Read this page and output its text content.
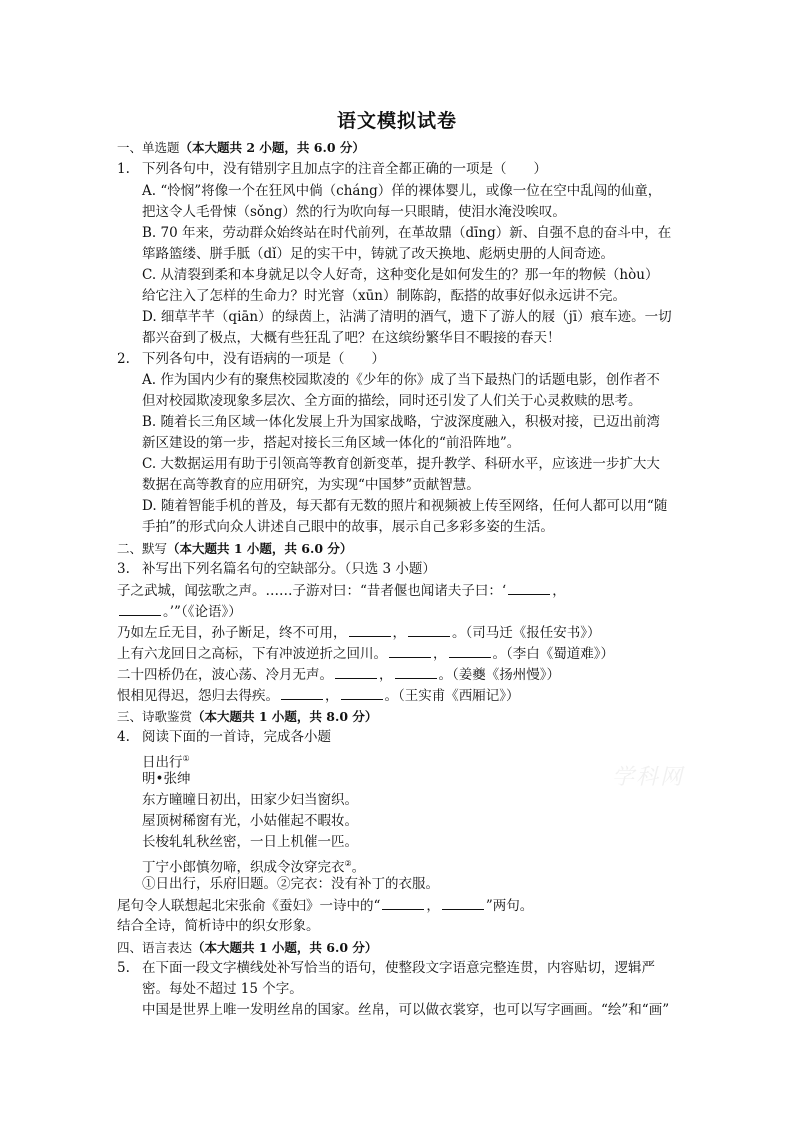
语文模拟试卷
一、单选题（本大题共 2 小题，共 6.0 分）
1. 下列各句中，没有错别字且加点字的注音全都正确的一项是（　　）
A. “怜悯”将像一个在狂风中倘（cháng）佯的裸体婴儿，或像一位在空中乱闯的仙童，
把这令人毛骨悚（sǒng）然的行为吹向每一只眼睛，使泪水淹没唉叹。
B. 70 年来，劳动群众始终站在时代前列，在革故鼎（dīng）新、自强不息的奋斗中，在
筚路篮缕、胼手胝（dǐ）足的实干中，铸就了改天换地、彪炳史册的人间奇迹。
C. 从清裂到柔和本身就足以令人好奇，这种变化是如何发生的？那一年的物候（hòu）
给它注入了怎样的生命力？时光窨（xūn）制陈韵，酝搭的故事好似永远讲不完。
D. 细草芊芊（qiān）的绿茵上，沾满了清明的酒气，遗下了游人的屐（jī）痕车迹。一切
都兴奋到了极点，大概有些狂乱了吧？在这缤纷繁华目不暇接的春天！
2. 下列各句中，没有语病的一项是（　　）
A. 作为国内少有的聚焦校园欺凌的《少年的你》成了当下最热门的话题电影，创作者不
但对校园欺凌现象多层次、全方面的描绘，同时还引发了人们关于心灵救赎的思考。
B. 随着长三角区域一体化发展上升为国家战略，宁波深度融入，积极对接，已迈出前湾
新区建设的第一步，搭起对接长三角区域一体化的“前沿阵地”。
C. 大数据运用有助于引领高等教育创新变革，提升教学、科研水平，应该进一步扩大大
数据在高等教育的应用研究，为实现“中国梦”贡献智慧。
D. 随着智能手机的普及，每天都有无数的照片和视频被上传至网络，任何人都可以用“随
手拍”的形式向众人讲述自己眼中的故事，展示自己多彩多姿的生活。
二、默写（本大题共 1 小题，共 6.0 分）
3. 补写出下列名篇名句的空缺部分。（只选 3 小题）
子之武城，闻弦歌之声。……子游对曰：“昔者偃也闻诸夫子曰：‘	，
。’”（《论语》）
乃如左丘无目，孙子断足，终不可用，	，	。（司马迁《报任安书》）
上有六龙回日之高标，下有冲波逆折之回川。	，	。（李白《蜀道难》）
二十四桥仍在，波心荡、冷月无声。	，	。（姜夔《扬州慢》）
恨相见得迟，怨归去得疾。	，	。（王实甫《西厢记》）
三、诗歌鉴赏（本大题共 1 小题，共 8.0 分）
4. 阅读下面的一首诗，完成各小题
日出行①
明•张绅
东方曈曈日初出，田家少妇当窗织。
屋顶树稀窗有光，小姑催起不暇妆。
长梭轧轧秋丝密，一日上机催一匹。
丁宁小郎慎勿啼，织成令汝穿完衣②。
①日出行，乐府旧题。②完衣：没有补丁的衣服。
尾句令人联想起北宋张俞《蚕妇》一诗中的“	，	”两句。
结合全诗，简析诗中的织女形象。
四、语言表达（本大题共 1 小题，共 6.0 分）
5. 在下面一段文字横线处补写恰当的语句，使整段文字语意完整连贯，内容贴切，逻辑严
密。每处不超过 15 个字。
中国是世界上唯一发明丝帛的国家。丝帛，可以做衣裳穿，也可以写字画画。“绘”和“画”
学科网
